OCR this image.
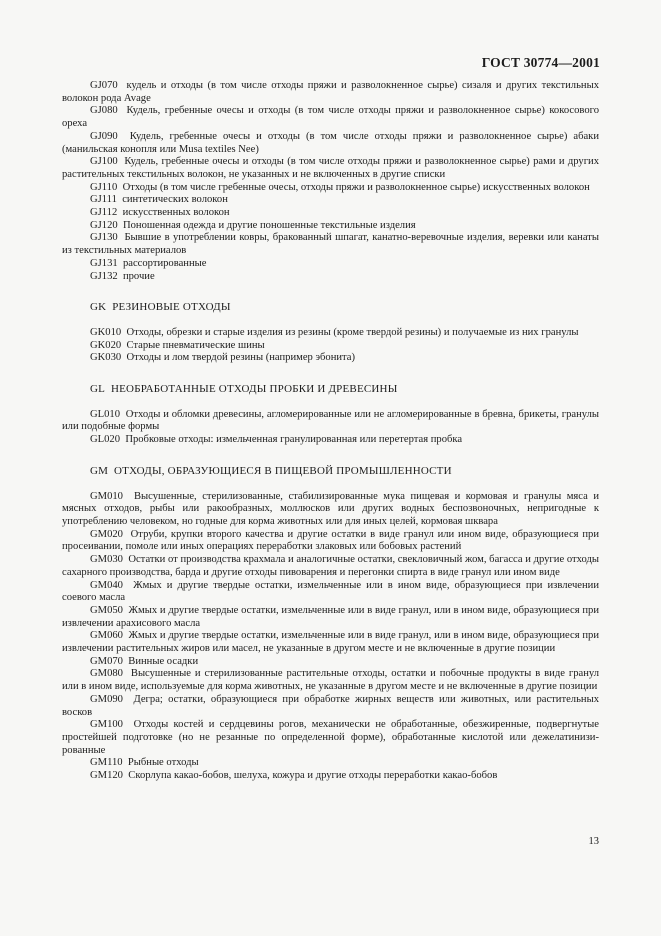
ГОСТ 30774—2001

GJ070 кудель и отходы (в том числе отходы пряжи и разволокненное сырье) сизаля и других текстильных волокон рода Avage

GJ080 Кудель, гребенные очесы и отходы (в том числе отходы пряжи и разволокненное сырье) кокосового ореха

GJ090 Кудель, гребенные очесы и отходы (в том числе отходы пряжи и разволокненное сырье) абаки (манильская конопля или Musa textiles Nee)

GJ100 Кудель, гребенные очесы и отходы (в том числе отходы пряжи и разволокненное сырье) рами и других растительных текстильных волокон, не указанных и не включенных в другие списки

GJ110 Отходы (в том числе гребенные очесы, отходы пряжи и разволокненное сырье) искусственных волокон

GJ111 синтетических волокон

GJ112 искусственных волокон

GJ120 Поношенная одежда и другие поношенные текстильные изделия

GJ130 Бывшие в употреблении ковры, бракованный шпагат, канатно-веревочные изделия, веревки или канаты из текстильных материалов

GJ131 рассортированные

GJ132 прочие

GK РЕЗИНОВЫЕ ОТХОДЫ

GK010 Отходы, обрезки и старые изделия из резины (кроме твердой резины) и получаемые из них гранулы

GK020 Старые пневматические шины

GK030 Отходы и лом твердой резины (например эбонита)

GL НЕОБРАБОТАННЫЕ ОТХОДЫ ПРОБКИ И ДРЕВЕСИНЫ

GL010 Отходы и обломки древесины, агломерированные или не агломерированные в бревна, брикеты, гранулы или подобные формы

GL020 Пробковые отходы: измельченная гранулированная или перетертая пробка

GM ОТХОДЫ, ОБРАЗУЮЩИЕСЯ В ПИЩЕВОЙ ПРОМЫШЛЕННОСТИ

GM010 Высушенные, стерилизованные, стабилизированные мука пищевая и кормовая и гранулы мяса и мясных отходов, рыбы или ракообразных, моллюсков или других водных беспозвоночных, непригодные к употреблению человеком, но годные для корма животных или для иных целей, кормовая шквара

GM020 Отруби, крупки второго качества и другие остатки в виде гранул или ином виде, образующиеся при просеивании, помоле или иных операциях переработки злаковых или бобовых растений

GM030 Остатки от производства крахмала и аналогичные остатки, свекловичный жом, багасса и другие отходы сахарного производства, барда и другие отходы пивоварения и перегонки спирта в виде гранул или ином виде

GM040 Жмых и другие твердые остатки, измельченные или в ином виде, образующиеся при извлечении соевого масла

GM050 Жмых и другие твердые остатки, измельченные или в виде гранул, или в ином виде, образующиеся при извлечении арахисового масла

GM060 Жмых и другие твердые остатки, измельченные или в виде гранул, или в ином виде, образующиеся при извлечении растительных жиров или масел, не указанные в другом месте и не включенные в другие позиции

GM070 Винные осадки

GM080 Высушенные и стерилизованные растительные отходы, остатки и побочные продукты в виде гранул или в ином виде, используемые для корма животных, не указанные в другом месте и не включенные в другие позиции

GM090 Дегра; остатки, образующиеся при обработке жирных веществ или животных, или растительных восков

GM100 Отходы костей и сердцевины рогов, механически не обработанные, обезжиренные, подвергнутые простейшей подготовке (но не резанные по определенной форме), обработанные кислотой или дежелатинизи-рованные

GM110 Рыбные отходы

GM120 Скорлупа какао-бобов, шелуха, кожура и другие отходы переработки какао-бобов

13
